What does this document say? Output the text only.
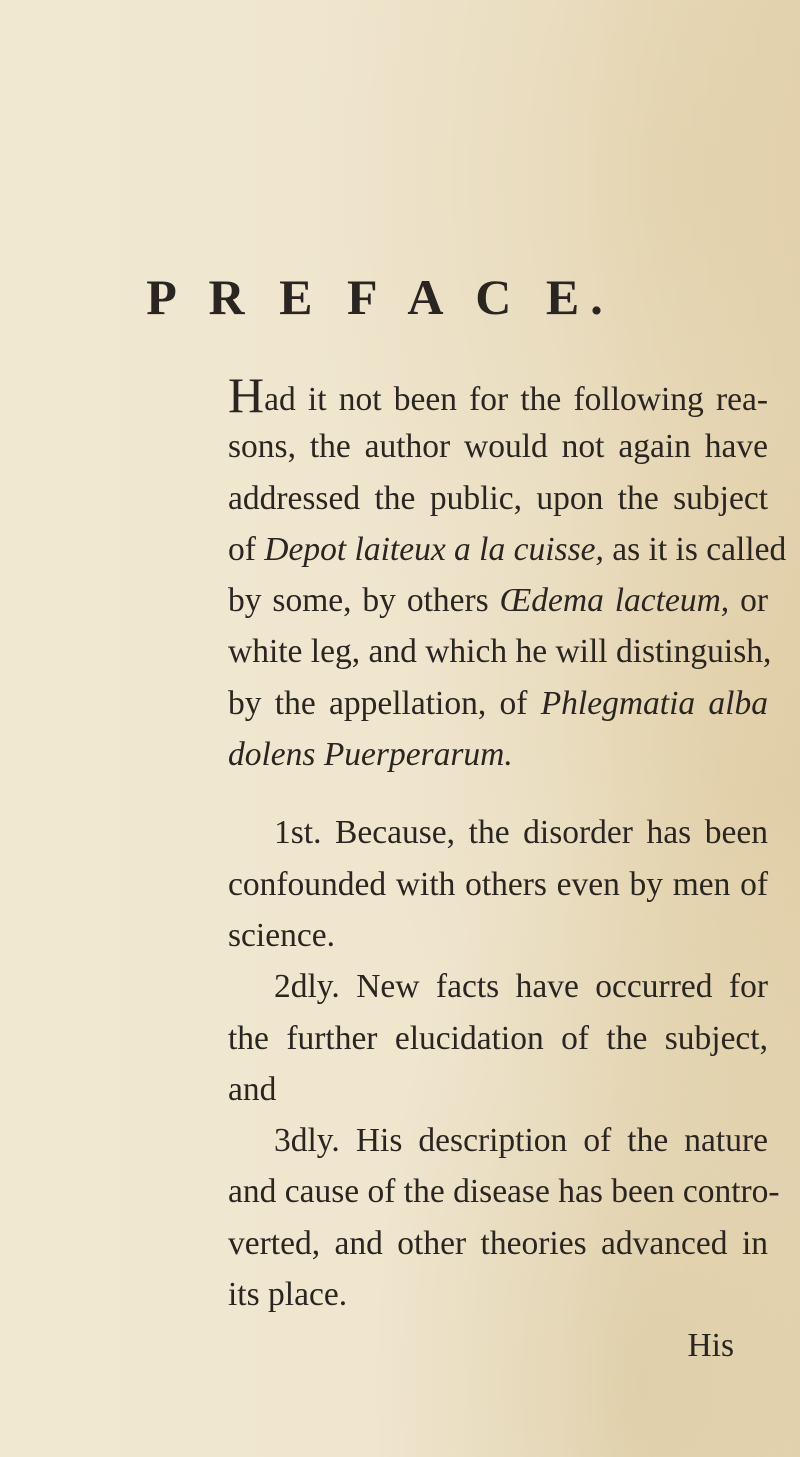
P R E F A C E.
Had it not been for the following rea-
sons, the author would not again have
addressed the public, upon the subject
of Depot laiteux a la cuisse, as it is called
by some, by others Œdema lacteum, or
white leg, and which he will distinguish,
by the appellation, of Phlegmatia alba
dolens Puerperarum.
1st. Because, the disorder has been
confounded with others even by men of
science.
2dly. New facts have occurred for
the further elucidation of the subject,
and
3dly. His description of the nature
and cause of the disease has been contro-
verted, and other theories advanced in
its place.
His
